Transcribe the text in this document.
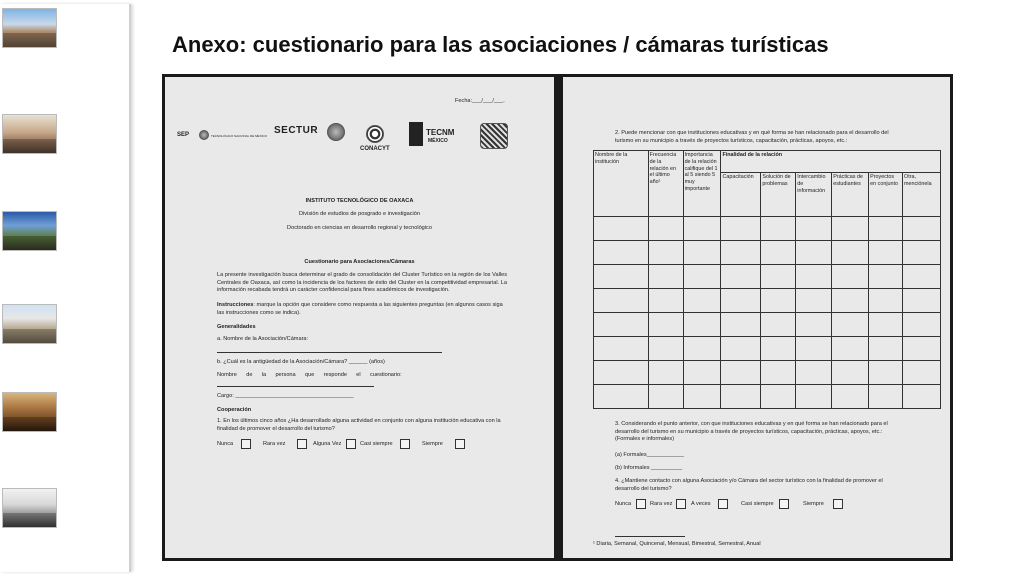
Anexo: cuestionario para las asociaciones / cámaras turísticas
Fecha:___/___/___.
SEP	TECNOLÓGICO NACIONAL DE MÉXICO SECTUR
CONACYT
TECNM
MÉXICO
INSTITUTO TECNOLÓGICO DE OAXACA
División de estudios de posgrado e investigación
Doctorado en ciencias en desarrollo regional y tecnológico
Cuestionario para Asociaciones/Cámaras
La presente investigación busca determinar el grado de consolidación del Cluster Turístico en la región de los Valles Centrales de Oaxaca, así como la incidencia de los factores de éxito del Cluster en la competitividad empresarial. La información recabada tendrá un carácter confidencial para fines académicos de investigación.
Instrucciones: marque la opción que considere como respuesta a las siguientes preguntas (en algunos casos siga las instrucciones como se indica).
Generalidades
a. Nombre de la Asociación/Cámara:
b. ¿Cuál es la antigüedad de la Asociación/Cámara? ______ (años)
Nombre      de      la      persona      que      responde      el      cuestionario:
Cargo: ______________________________________
Cooperación
1. En los últimos cinco años ¿Ha desarrollado alguna actividad en conjunto con alguna institución educativa con la finalidad de promover el desarrollo del turismo?
Nunca	Rara vez	Alguna Vez	Casi siempre	Siempre
2. Puede mencionar con que instituciones educativas y en qué forma se han relacionado para el desarrollo del turismo en su municipio a través de proyectos turísticos, capacitación, prácticas, apoyos, etc.:
Nombre de la institución	Frecuencia de la relación en el último año¹	Importancia de la relación califique del 1 al 5 siendo 5 muy importante	Finalidad de la relación					
			Capacitación	Solución de problemas	Intercambio de información	Prácticas de estudiantes	Proyectos en conjunto	Otra, menciónela

3. Considerando el punto anterior, con que instituciones educativas y en qué forma se han relacionado para el desarrollo del turismo en su municipio a través de proyectos turísticos, capacitación, prácticas, apoyos, etc.: (Formales e informales)
(a) Formales____________
(b) Informales __________
4. ¿Mantiene contacto con alguna Asociación y/o Cámara del sector turístico con la finalidad de promover el desarrollo del turismo?
Nunca	Rara vez	A veces	Casi siempre	Siempre
¹ Diaria, Semanal, Quincenal, Mensual, Bimestral, Semestral, Anual
